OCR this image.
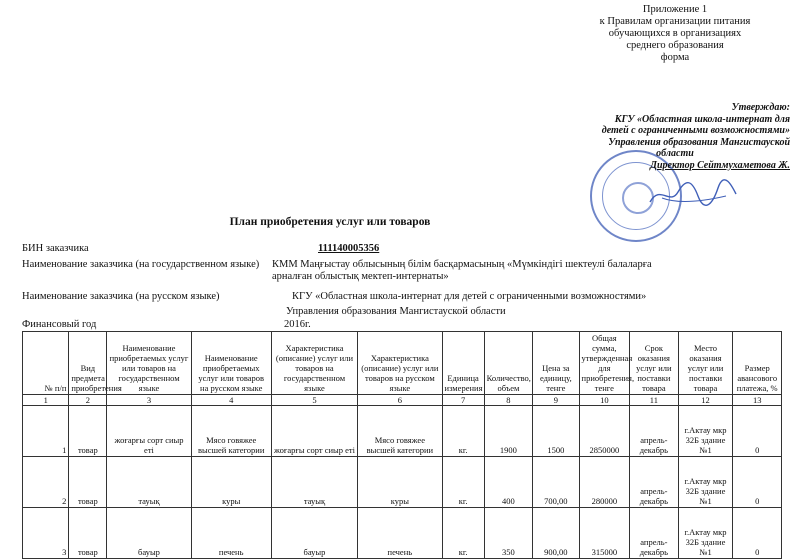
Приложение 1
к Правилам организации питания
обучающихся в организациях
среднего образования
форма
Утверждаю:
КГУ «Областная школа-интернат для
детей с ограниченными возможностями»
Управления образования Мангистауской
области
Директор Сейтмухаметова Ж.
План приобретения услуг или товаров
БИН заказчика	111140005356
Наименование заказчика (на государственном языке) КММ Маңғыстау облысының білім басқармасының «Мүмкіндігі шектеулі балаларға арналған облыстық мектеп-интернаты»
Наименование заказчика (на русском языке)	КГУ «Областная школа-интернат для детей с ограниченными возможностями»
Управления образования Мангистауской области
Финансовый год	2016г.
№ п/п	Вид предмета приобретения	Наименование приобретаемых услуг или товаров на государственном языке	Наименование приобретаемых услуг или товаров на русском языке	Характеристика (описание) услуг или товаров на государственном языке	Характеристика (описание) услуг или товаров на русском языке	Единица измерения	Количество, объем	Цена за единицу, тенге	Общая сумма, утвержденная для приобретения, тенге	Срок оказания услуг или поставки товара	Место оказания услуг или поставки товара	Размер авансового платежа, %
1	2	3	4	5	6	7	8	9	10	11	12	13
1	товар	жоғарғы сорт сиыр еті	Мясо говяжее высшей категории	жоғарғы сорт сиыр еті	Мясо говяжее высшей категории	кг.	1900	1500	2850000	апрель-декабрь	г.Актау мкр 32Б здание №1	0
2	товар	тауық	куры	тауық	куры	кг.	400	700,00	280000	апрель-декабрь	г.Актау мкр 32Б здание №1	0
3	товар	бауыр	печень	бауыр	печень	кг.	350	900,00	315000	апрель-декабрь	г.Актау мкр 32Б здание №1	0
